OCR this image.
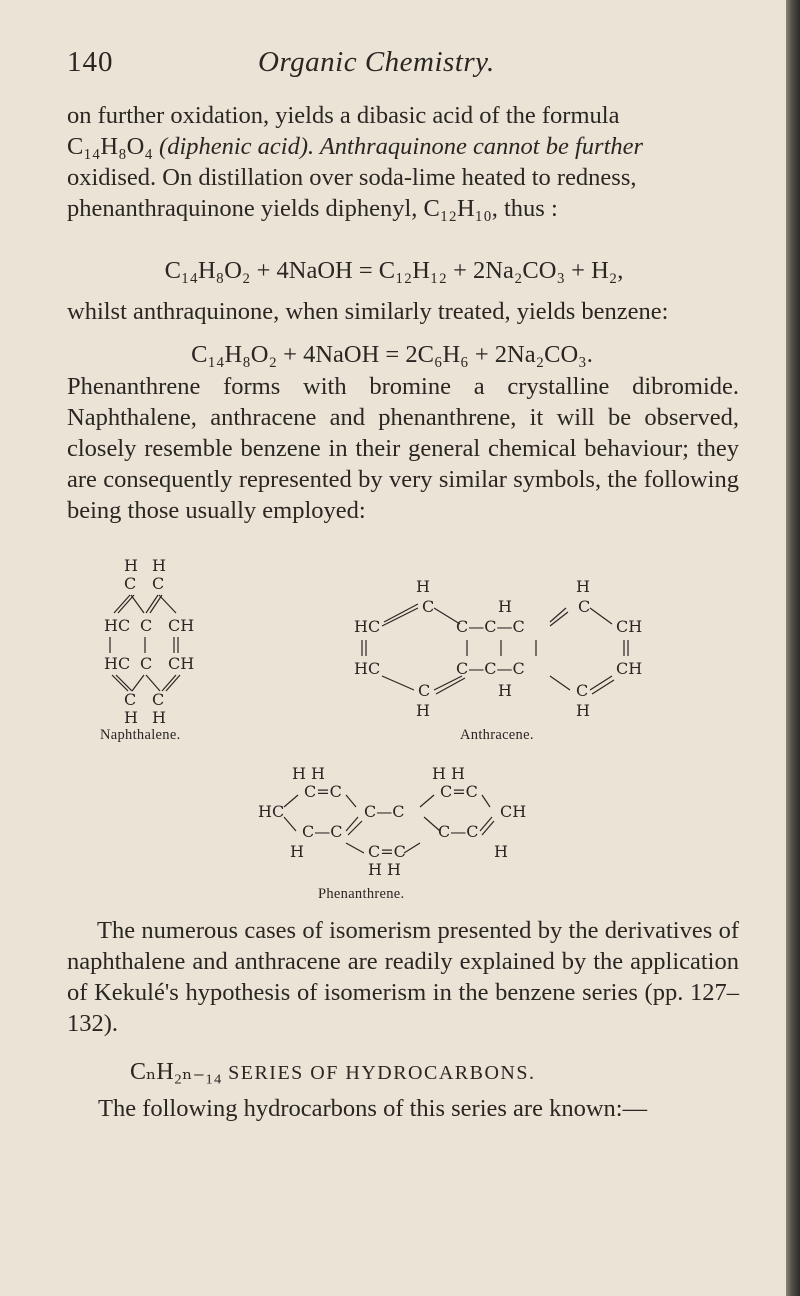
140	Organic Chemistry.
on further oxidation, yields a dibasic acid of the formula
C₁₄H₈O₄ (diphenic acid). Anthraquinone cannot be further
oxidised. On distillation over soda-lime heated to redness,
phenanthraquinone yields diphenyl, C₁₂H₁₀, thus :
C₁₄H₈O₂ + 4NaOH = C₁₂H₁₂ + 2Na₂CO₃ + H₂,
whilst anthraquinone, when similarly treated, yields benzene:
C₁₄H₈O₂ + 4NaOH = 2C₆H₆ + 2Na₂CO₃.
Phenanthrene forms with bromine a crystalline dibromide. Naphthalene, anthracene and phenanthrene, it will be observed, closely resemble benzene in their general chemical behaviour; they are consequently represented by very similar symbols, the following being those usually employed:
H H
C C
HC C CH
HC C CH
C C
H H
Naphthalene.
H	H
C	H	C
HC	C—C—C	CH
HC	C—C—C	CH
C	H	C
H	H
Anthracene.
H H	H H
C=C	C=C
HC	C—C	CH
C—C	C—C
H	C=C	H
H H
Phenanthrene.
The numerous cases of isomerism presented by the derivatives of naphthalene and anthracene are readily explained by the application of Kekulé's hypothesis of isomerism in the benzene series (pp. 127–132).
CₙH₂ₙ₋₁₄ SERIES OF HYDROCARBONS.
The following hydrocarbons of this series are known:—
